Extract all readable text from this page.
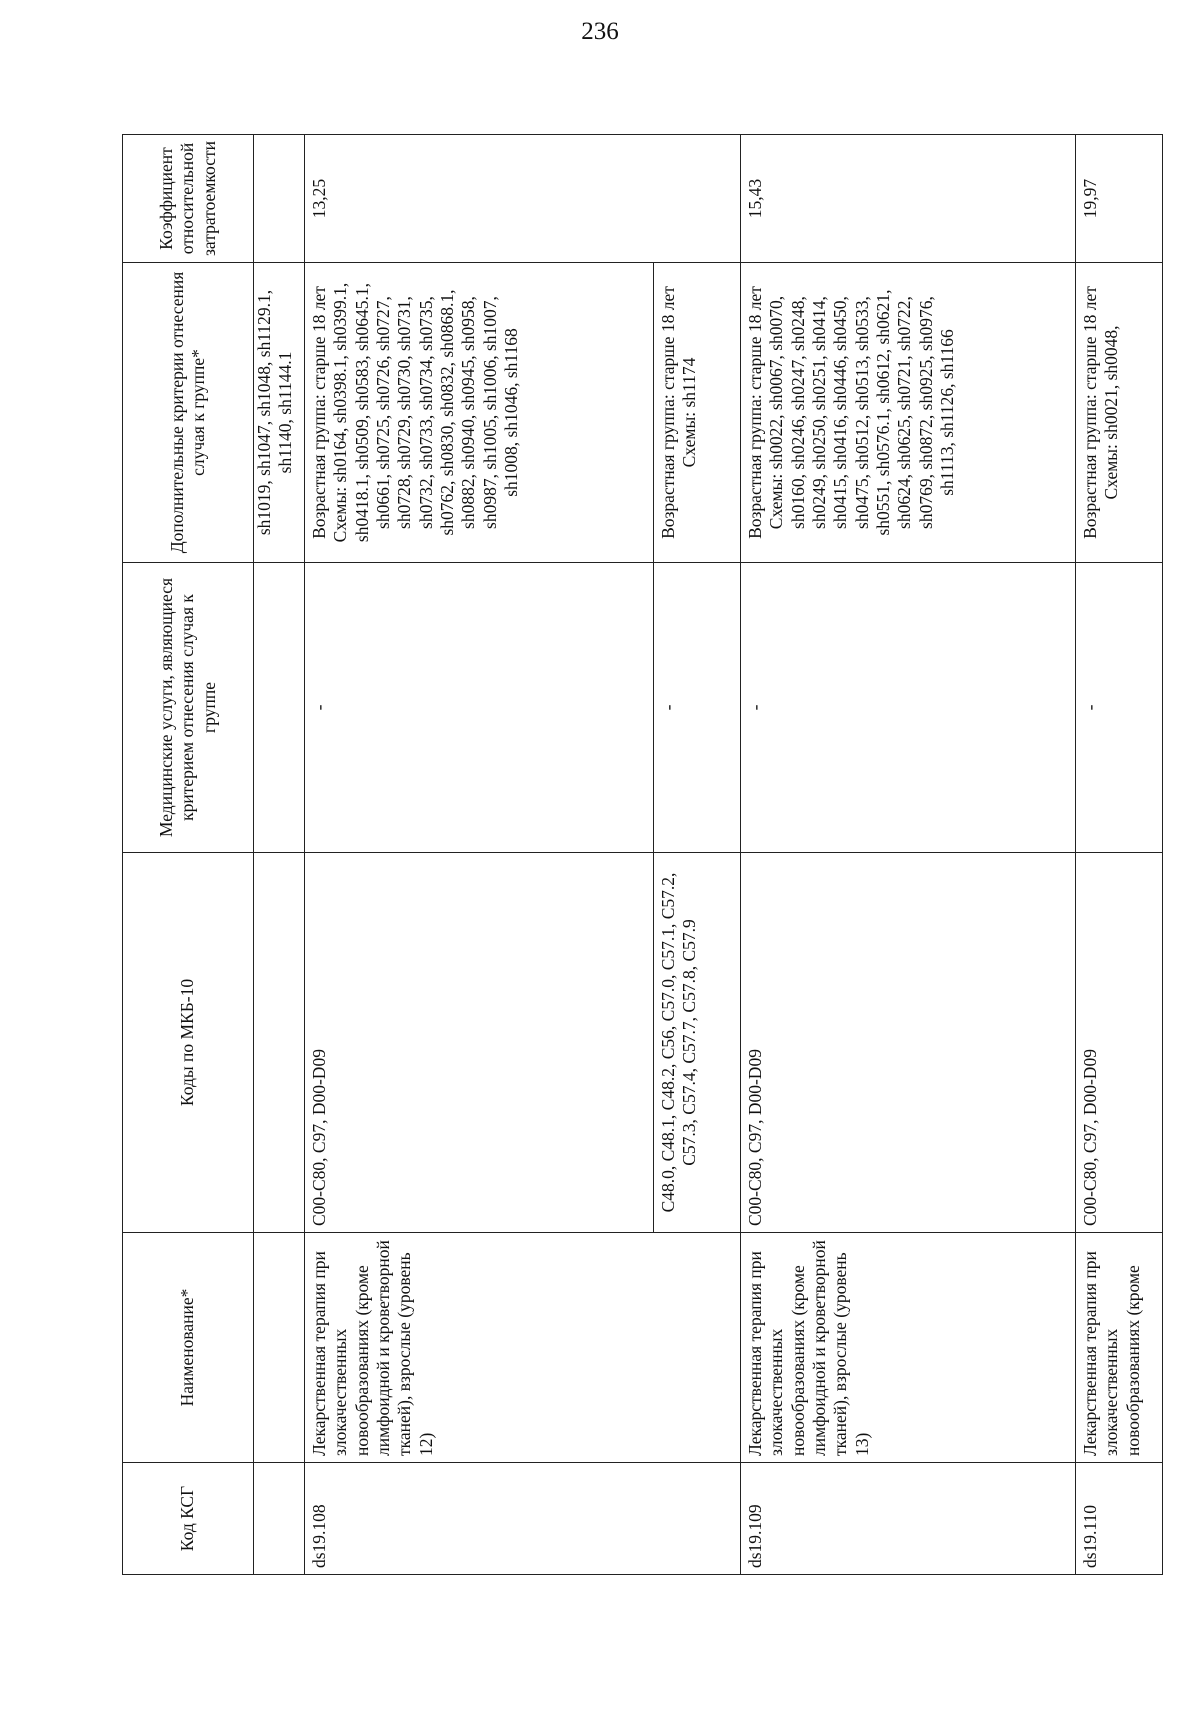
236
Код КСГ	Наименование*	Коды по МКБ-10	Медицинские услуги, являющиеся критерием отнесения случая к группе	Дополнительные критерии отнесения случая к группе*	Коэффициент относительной затратоемкости
				sh1019, sh1047, sh1048, sh1129.1, sh1140, sh1144.1	
ds19.108	Лекарственная терапия при злокачественных новообразованиях (кроме лимфоидной и кроветворной тканей), взрослые (уровень 12)	C00-C80, C97, D00-D09	-	Возрастная группа: старше 18 лет Схемы: sh0164, sh0398.1, sh0399.1, sh0418.1, sh0509, sh0583, sh0645.1, sh0661, sh0725, sh0726, sh0727, sh0728, sh0729, sh0730, sh0731, sh0732, sh0733, sh0734, sh0735, sh0762, sh0830, sh0832, sh0868.1, sh0882, sh0940, sh0945, sh0958, sh0987, sh1005, sh1006, sh1007, sh1008, sh1046, sh1168	13,25
		C48.0, C48.1, C48.2, C56, C57.0, C57.1, C57.2, C57.3, C57.4, C57.7, C57.8, C57.9	-	Возрастная группа: старше 18 лет Схемы: sh1174	
ds19.109	Лекарственная терапия при злокачественных новообразованиях (кроме лимфоидной и кроветворной тканей), взрослые (уровень 13)	C00-C80, C97, D00-D09	-	Возрастная группа: старше 18 лет Схемы: sh0022, sh0067, sh0070, sh0160, sh0246, sh0247, sh0248, sh0249, sh0250, sh0251, sh0414, sh0415, sh0416, sh0446, sh0450, sh0475, sh0512, sh0513, sh0533, sh0551, sh0576.1, sh0612, sh0621, sh0624, sh0625, sh0721, sh0722, sh0769, sh0872, sh0925, sh0976, sh1113, sh1126, sh1166	15,43
ds19.110	Лекарственная терапия при злокачественных новообразованиях (кроме	C00-C80, C97, D00-D09	-	Возрастная группа: старше 18 лет Схемы: sh0021, sh0048,	19,97
